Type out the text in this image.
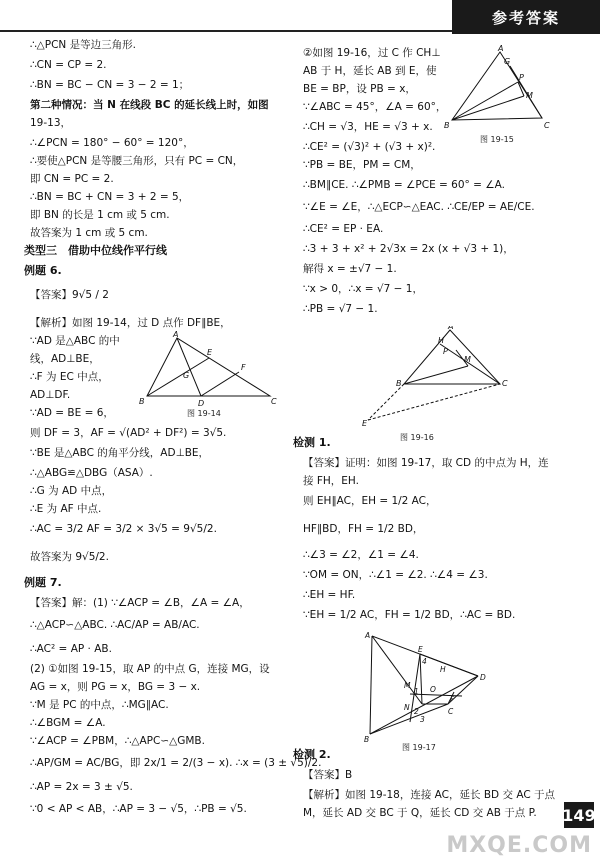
参考答案
∴△PCN 是等边三角形.
∴CN = CP = 2.
∴BN = BC − CN = 3 − 2 = 1；
第二种情况：当 N 在线段 BC 的延长线上时，如图
19-13，
∴∠PCN = 180° − 60° = 120°，
∴要使△PCN 是等腰三角形，只有 PC = CN，
即 CN = PC = 2.
∴BN = BC + CN = 3 + 2 = 5，
即 BN 的长是 1 cm 或 5 cm.
故答案为 1 cm 或 5 cm.
类型三　借助中位线作平行线
例题 6.
【答案】9√5 / 2
【解析】如图 19-14，过 D 点作 DF∥BE，
∵AD 是△ABC 的中
线，AD⊥BE，
∴F 为 EC 中点，
AD⊥DF.
∵AD = BE = 6，
则 DF = 3，AF = √(AD² + DF²) = 3√5.
∵BE 是△ABC 的角平分线，AD⊥BE，
∴△ABG≌△DBG（ASA）.
∴G 为 AD 中点，
∴E 为 AF 中点.
∴AC = 3/2 AF = 3/2 × 3√5 = 9√5/2.
故答案为 9√5/2.
例题 7.
【答案】解：(1) ∵∠ACP = ∠B，∠A = ∠A，
∴△ACP∽△ABC. ∴AC/AP = AB/AC.
∴AC² = AP · AB.
(2) ①如图 19-15，取 AP 的中点 G，连接 MG，设
AG = x，则 PG = x，BG = 3 − x.
∵M 是 PC 的中点，∴MG∥AC.
∴∠BGM = ∠A.
∵∠ACP = ∠PBM，∴△APC∽△GMB.
∴AP/GM = AC/BG，即 2x/1 = 2/(3 − x). ∴x = (3 ± √5)/2.
∴AP = 2x = 3 ± √5.
∵0 < AP < AB，∴AP = 3 − √5，∴PB = √5.
A
E
G
F
B	D	C
图 19-14
②如图 19-16，过 C 作 CH⊥
AB 于 H，延长 AB 到 E，使
BE = BP，设 PB = x，
∵∠ABC = 45°，∠A = 60°，
∴CH = √3，HE = √3 + x.
∴CE² = (√3)² + (√3 + x)².
∵PB = BE，PM = CM，
∴BM∥CE. ∴∠PMB = ∠PCE = 60° = ∠A.
∵∠E = ∠E，∴△ECP∽△EAC. ∴CE/EP = AE/CE.
∴CE² = EP · EA.
∴3 + 3 + x² + 2√3x = 2x (x + √3 + 1)，
解得 x = ±√7 − 1.
∵x > 0，∴x = √7 − 1，
∴PB = √7 − 1.
检测 1.
【答案】证明：如图 19-17，取 CD 的中点为 H，连
接 FH，EH.
则 EH∥AC，EH = 1/2 AC，
HF∥BD，FH = 1/2 BD，
∴∠3 = ∠2，∠1 = ∠4.
∵OM = ON，∴∠1 = ∠2. ∴∠4 = ∠3.
∴EH = HF.
∵EH = 1/2 AC，FH = 1/2 BD，∴AC = BD.
检测 2.
【答案】B
【解析】如图 19-18，连接 AC，延长 BD 交 AC 于点
M，延长 AD 交 BC 于 Q，延长 CD 交 AB 于点 P.
A
G
P
M
B	C
图 19-15
A
H
P
M
B	C
E
图 19-16
A
E
4
H
M
1 O
D
N 2
3
F
B
C
图 19-17
149
MXQE.COM
